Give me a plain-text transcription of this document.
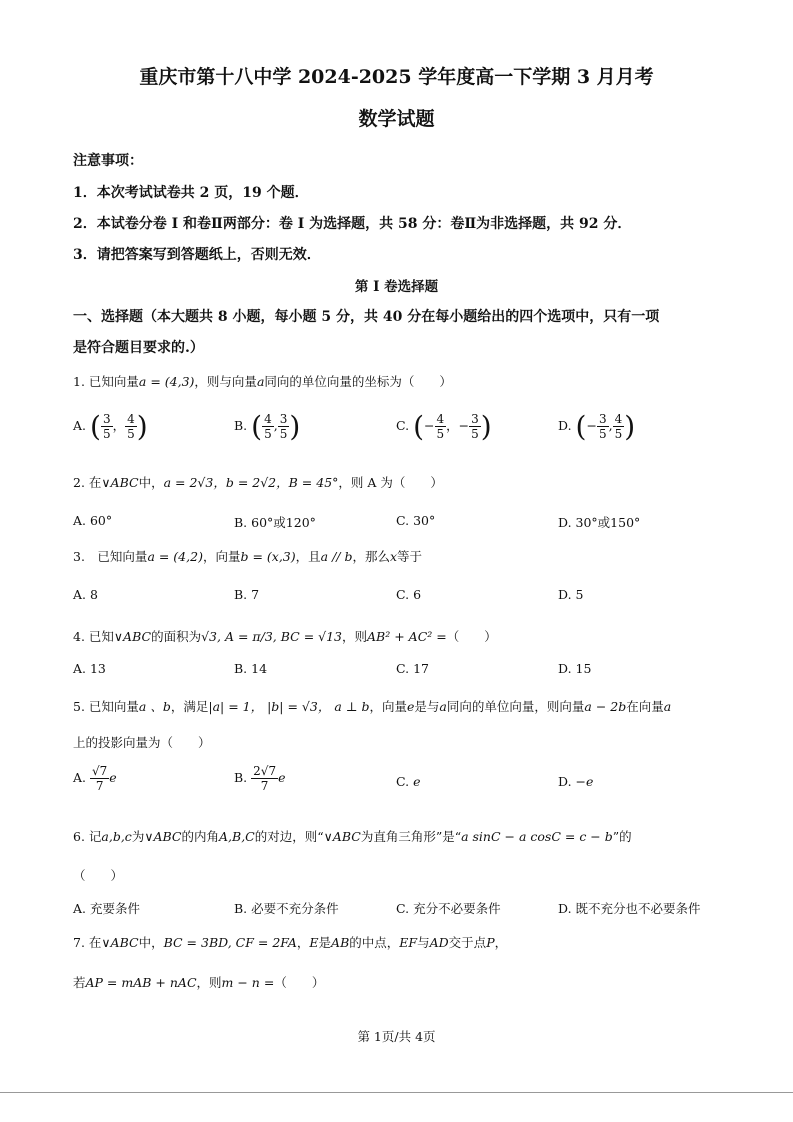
重庆市第十八中学 2024-2025 学年度高一下学期 3 月月考
数学试题
注意事项：
1．本次考试试卷共 2 页，19 个题．
2．本试卷分卷 I 和卷Ⅱ两部分：卷 I 为选择题，共 58 分：卷Ⅱ为非选择题，共 92 分．
3．请把答案写到答题纸上，否则无效．
第 I 卷选择题
一、选择题（本大题共 8 小题，每小题 5 分，共 40 分在每小题给出的四个选项中，只有一项
是符合题目要求的.）
1. 已知向量a = (4,3)，则与向量a同向的单位向量的坐标为（　　）
A. ( $\frac{3}{5}$ ， $\frac{4}{5}$ )	B. ( $\frac{4}{5}$ , $\frac{3}{5}$ )	C. (− $\frac{4}{5}$ ，− $\frac{3}{5}$ )	D. (− $\frac{3}{5}$ , $\frac{4}{5}$ )
2. 在∨ABC中，a = 2√3，b = 2√2，B = 45°，则 A 为（　　）
A. 60°	B. 60°或120°	C. 30°	D. 30°或150°
3.　已知向量a = (4,2)，向量b = (x,3)，且a // b，那么x等于
A. 8	B. 7	C. 6	D. 5
4. 已知∨ABC的面积为√3, A = π/3, BC = √13，则AB² + AC² =（　　）
A. 13	B. 14	C. 17	D. 15
5. 已知向量a 、b，满足|a| = 1， |b| = √3， a ⊥ b，向量e是与a同向的单位向量，则向量a − 2b在向量a
上的投影向量为（　　）
A. $\frac{√7}{7}$ e	B. $\frac{2√7}{7}$ e	C. e	D. −e
6. 记a,b,c为∨ABC的内角A,B,C的对边，则“∨ABC为直角三角形”是“a sinC − a cosC = c − b”的
（　　）
A. 充要条件	B. 必要不充分条件	C. 充分不必要条件	D. 既不充分也不必要条件
7. 在∨ABC中，BC = 3BD, CF = 2FA，E是AB的中点，EF与AD交于点P，
若AP = mAB + nAC，则m − n =（　　）
第 1页/共 4页
